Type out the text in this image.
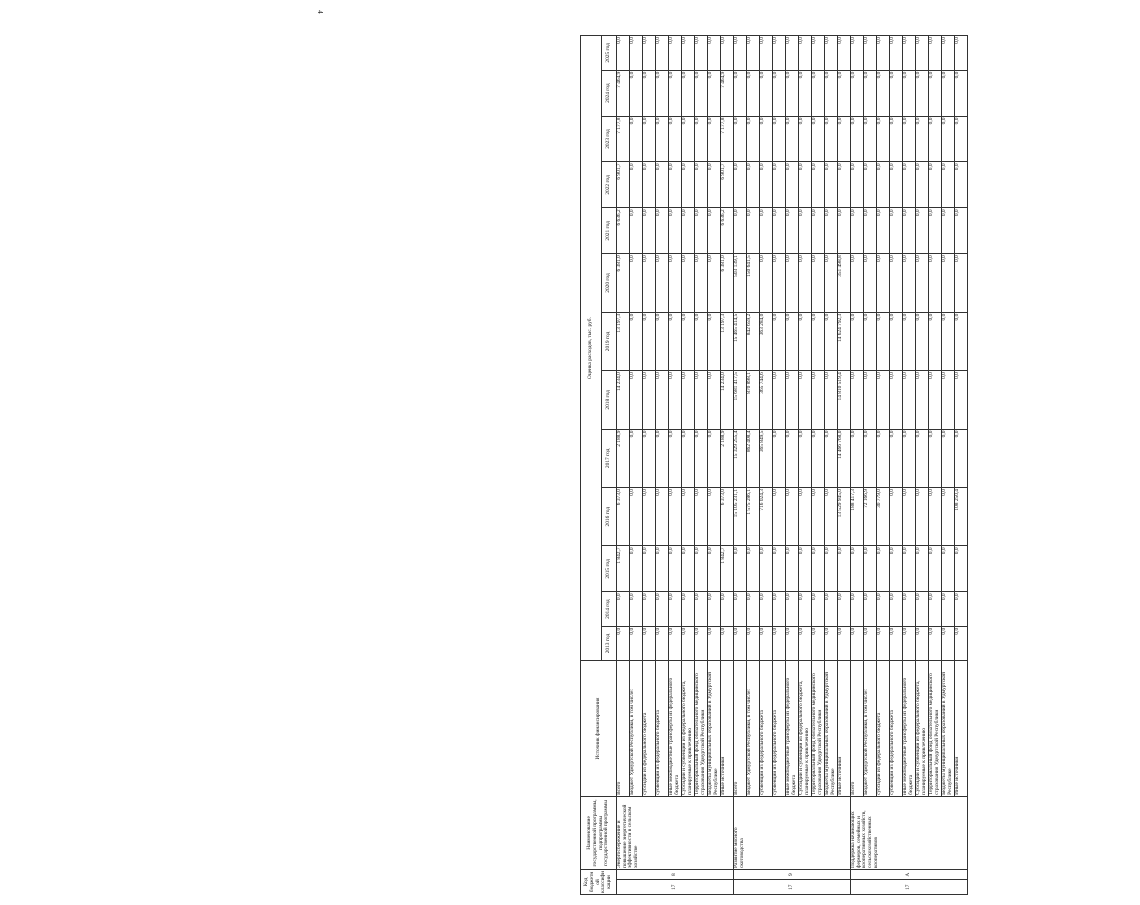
4
Код бюджетной классификации		Наименование государственной программы, подпрограммы государственной программы	Источник финансирования	Оценка расходов, тыс. руб.												
				2013 год	2014 год	2015 год	2016 год	2017 год	2018 год	2019 год	2020 год	2021 год	2022 год	2023 год	2024 год	2025 год
17	8	Энергосбережение и повышение энергетической эффективности в сельском хозяйстве	Всего	0,0	0,0	1 842,7	6 373,0	2 188,9	14 234,0	13 197,3	6 381,0	6 636,2	6 901,7	7 177,8	7 464,9	0,0
			Бюджет Удмуртской Республики, в том числе:	0,0	0,0	0,0	0,0	0,0	0,0	0,0	0,0	0,0	0,0	0,0	0,0	0,0
			субсидии из федерального бюджета	0,0	0,0	0,0	0,0	0,0	0,0	0,0	0,0	0,0	0,0	0,0	0,0	0,0
			субвенции из федерального бюджета	0,0	0,0	0,0	0,0	0,0	0,0	0,0	0,0	0,0	0,0	0,0	0,0	0,0
			иные межбюджетные трансферты из федерального бюджета	0,0	0,0	0,0	0,0	0,0	0,0	0,0	0,0	0,0	0,0	0,0	0,0	0,0
			Субсидии и субвенции из федерального бюджета, планируемые к привлечению	0,0	0,0	0,0	0,0	0,0	0,0	0,0	0,0	0,0	0,0	0,0	0,0	0,0
			Территориальный фонд обязательного медицинского страхования Удмуртской Республики	0,0	0,0	0,0	0,0	0,0	0,0	0,0	0,0	0,0	0,0	0,0	0,0	0,0
			Бюджеты муниципальных образований в Удмуртской Республике	0,0	0,0	0,0	0,0	0,0	0,0	0,0	0,0	0,0	0,0	0,0	0,0	0,0
			Иные источники	0,0	0,0	1 842,7	6 373,0	2 188,9	14 234,0	13 197,3	6 381,0	6 636,2	6 901,7	7 177,8	7 464,9	0,0
17	9	Развитие мясного скотоводства	Всего	0,0	0,0	0,0	15 105 231,1	15 329 255,4	15 681 417,5	15 465 414,5	503 139,1	0,0	0,0	0,0	0,0	0,0
			Бюджет Удмуртской Республики, в том числе:	0,0	0,0	0,0	1 575 286,1	862 408,4	870 898,1	842 659,2	150 641,5	0,0	0,0	0,0	0,0	0,0
			субвенции из федерального бюджета	0,0	0,0	0,0	716 024,3	365 849,5	365 744,6	363 284,0	0,0	0,0	0,0	0,0	0,0	0,0
			субвенции из федерального бюджета	0,0	0,0	0,0	0,0	0,0	0,0	0,0	0,0	0,0	0,0	0,0	0,0	0,0
			иные межбюджетные трансферты из федерального бюджета	0,0	0,0	0,0	0,0	0,0	0,0	0,0	0,0	0,0	0,0	0,0	0,0	0,0
			Субсидии и субвенции из федерального бюджета, планируемые к привлечению	0,0	0,0	0,0	0,0	0,0	0,0	0,0	0,0	0,0	0,0	0,0	0,0	0,0
			Территориальный фонд обязательного медицинского страхования Удмуртской Республики	0,0	0,0	0,0	0,0	0,0	0,0	0,0	0,0	0,0	0,0	0,0	0,0	0,0
			Бюджеты муниципальных образований в Удмуртской Республике	0,0	0,0	0,0	0,0	0,0	0,0	0,0	0,0	0,0	0,0	0,0	0,0	0,0
			Иные источники	0,0	0,0	0,0	13 529 945,0	14 466 768,0	14 810 519,4	14 624 792,3	351 498,8	0,0	0,0	0,0	0,0	0,0
17	А	Поддержка начинающих фермеров, семейных и кооперативных хозяйств, сельскохозяйственных кооперативов	Всего	0,0	0,0	0,0	188 417,3	0,0	0,0	0,0	0,0	0,0	0,0	0,0	0,0	0,0
			Бюджет Удмуртской Республики, в том числе:	0,0	0,0	0,0	72 166,9	0,0	0,0	0,0	0,0	0,0	0,0	0,0	0,0	0,0
			субсидии из федерального бюджета	0,0	0,0	0,0	30 779,0	0,0	0,0	0,0	0,0	0,0	0,0	0,0	0,0	0,0
			субвенции из федерального бюджета	0,0	0,0	0,0	0,0	0,0	0,0	0,0	0,0	0,0	0,0	0,0	0,0	0,0
			иные межбюджетные трансферты из федерального бюджета	0,0	0,0	0,0	0,0	0,0	0,0	0,0	0,0	0,0	0,0	0,0	0,0	0,0
			Субсидии и субвенции из федерального бюджета, планируемые к привлечению	0,0	0,0	0,0	0,0	0,0	0,0	0,0	0,0	0,0	0,0	0,0	0,0	0,0
			Территориальный фонд обязательного медицинского страхования Удмуртской Республики	0,0	0,0	0,0	0,0	0,0	0,0	0,0	0,0	0,0	0,0	0,0	0,0	0,0
			Бюджеты муниципальных образований в Удмуртской Республике	0,0	0,0	0,0	0,0	0,0	0,0	0,0	0,0	0,0	0,0	0,0	0,0	0,0
			Иные источники	0,0	0,0	0,0	108 250,4	0,0	0,0	0,0	0,0	0,0	0,0	0,0	0,0	0,0
